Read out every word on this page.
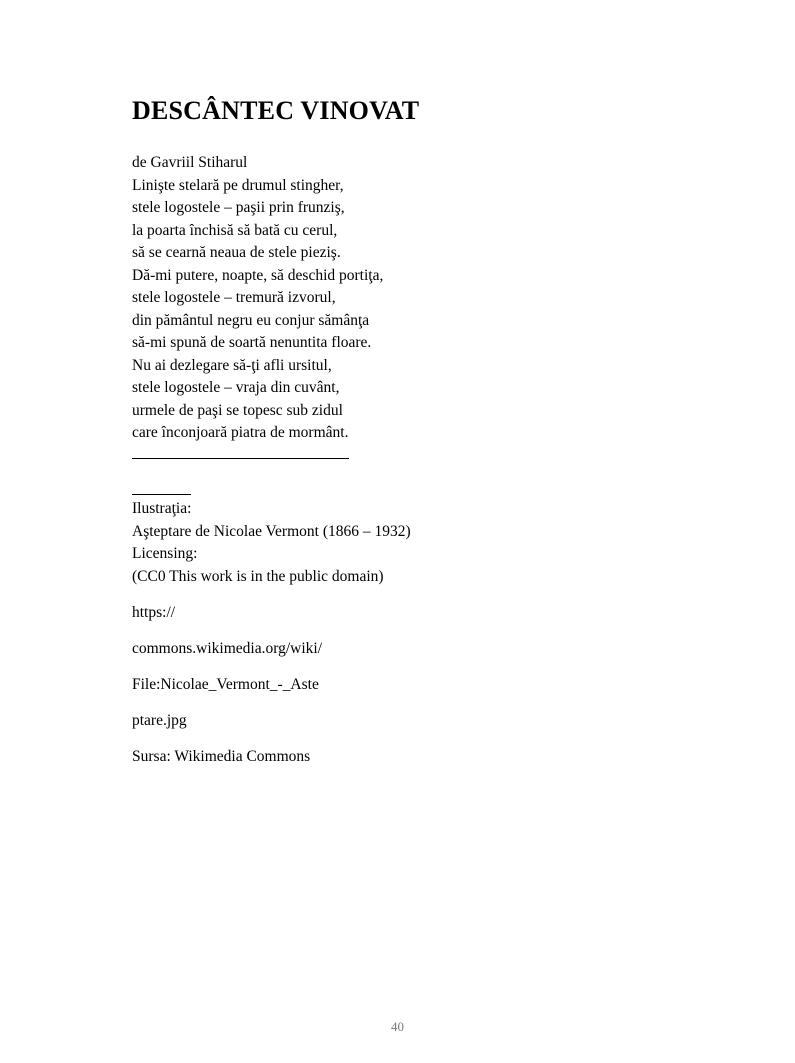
DESCÂNTEC VINOVAT
de Gavriil Stiharul
Linişte stelară pe drumul stingher,
stele logostele – paşii prin frunziş,
la poarta închisă să bată cu cerul,
să se cearnă neaua de stele pieziş.
Dă-mi putere, noapte, să deschid portiţa,
stele logostele – tremură izvorul,
din pământul negru eu conjur sămânţa
să-mi spună de soartă nenuntita floare.
Nu ai dezlegare să-ţi afli ursitul,
stele logostele – vraja din cuvânt,
urmele de paşi se topesc sub zidul
care înconjoară piatra de mormânt.
Ilustraţia:
Aşteptare de Nicolae Vermont (1866 – 1932)
Licensing:
(CC0 This work is in the public domain)
https://
commons.wikimedia.org/wiki/
File:Nicolae_Vermont_-_Aste
ptare.jpg
Sursa: Wikimedia Commons
40
